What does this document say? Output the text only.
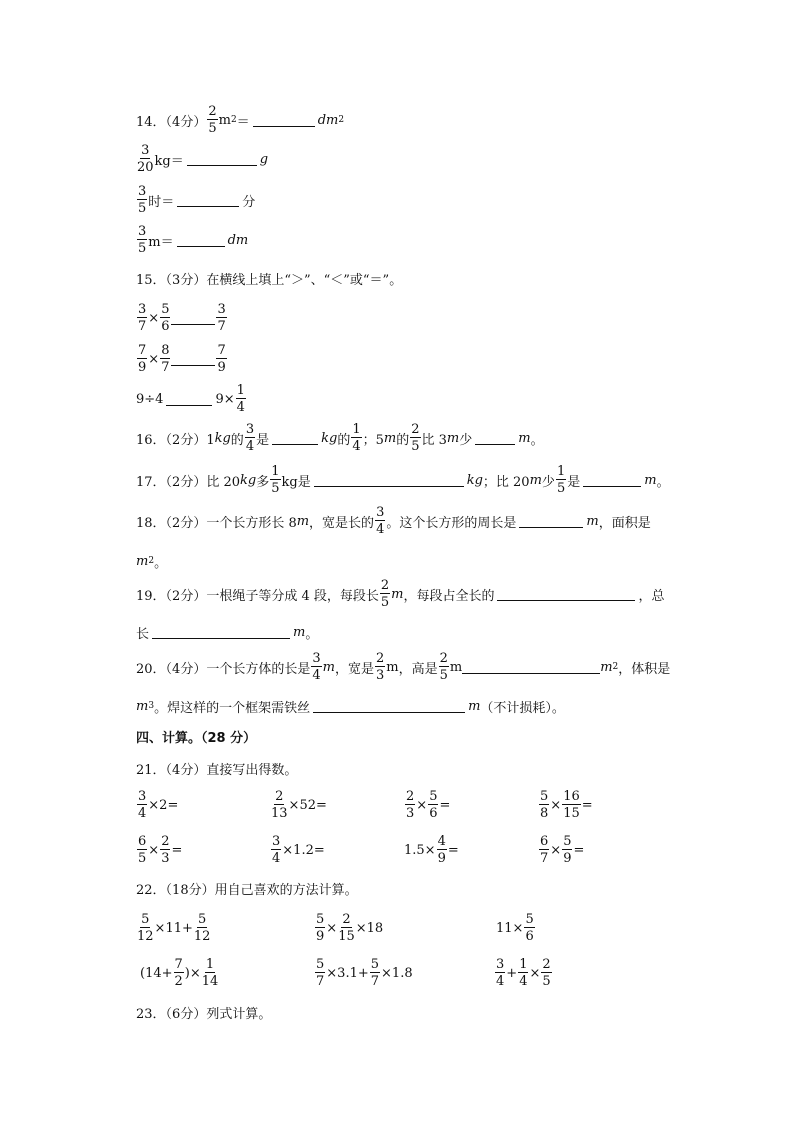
14．（4分） $\frac{2}{5}$ m 2 ＝	dm 2
$\frac{3}{20} kg=$	g
$\frac{3}{5}$ 时＝	分
$\frac{3}{5} m=$	dm
15．（3分）在横线上填上“＞”、“＜”或“＝”。
$\frac{3}{7} \times \frac{5}{6}$	$\frac{3}{7}$
$\frac{7}{9} \times \frac{8}{7}$	$\frac{7}{9}$
9÷4	$9\times \frac{1}{4}$
16．（2分）1 kg 的 $\frac{3}{4}$ 是	kg 的 $\frac{1}{4}$ ；5 m 的 $\frac{2}{5}$ 比 3 m 少	m 。
17．（2分）比 20 kg 多 $\frac{1}{5}$ kg是	kg ；比 20 m 少 $\frac{1}{5}$ 是	m 。
18．（2分）一个长方形长 8 m ，宽是长的 $\frac{3}{4}$ 。这个长方形的周长是	m ，面积是
m 2 。
19．（2分）一根绳子等分成 4 段，每段长 $\frac{2}{5}$ m ，每段占全长的	，总
长	m 。
20．（4分）一个长方体的长是 $\frac{3}{4}$ m ，宽是 $\frac{2}{3}$ m ，高是 $\frac{2}{5}$ m	m 2 ，体积是
m 3 。焊这样的一个框架需铁丝	m （不计损耗）。
四、计算。（28 分）
21．（4分）直接写出得数。
$\frac{3}{4} \times 2=$	$\frac{2}{13} \times 52=$	$\frac{2}{3} \times \frac{5}{6}$ =	$\frac{5}{8} \times \frac{16}{15}$ =
$\frac{6}{5} \times \frac{2}{3}$ =	$\frac{3}{4} \times 1.2=$	$1.5\times \frac{4}{9}$ =	$\frac{6}{7} \times \frac{5}{9}$ =
22．（18分）用自己喜欢的方法计算。
$\frac{5}{12} \times 11+ \frac{5}{12}$	$\frac{5}{9} \times \frac{2}{15} \times 18$	$11\times \frac{5}{6}$
($14+ \frac{7}{2}$ )× $\frac{1}{14}$	$\frac{5}{7} \times 3.1+ \frac{5}{7} \times 1.8$	$\frac{3}{4} + \frac{1}{4} \times \frac{2}{5}$
23．（6分）列式计算。
